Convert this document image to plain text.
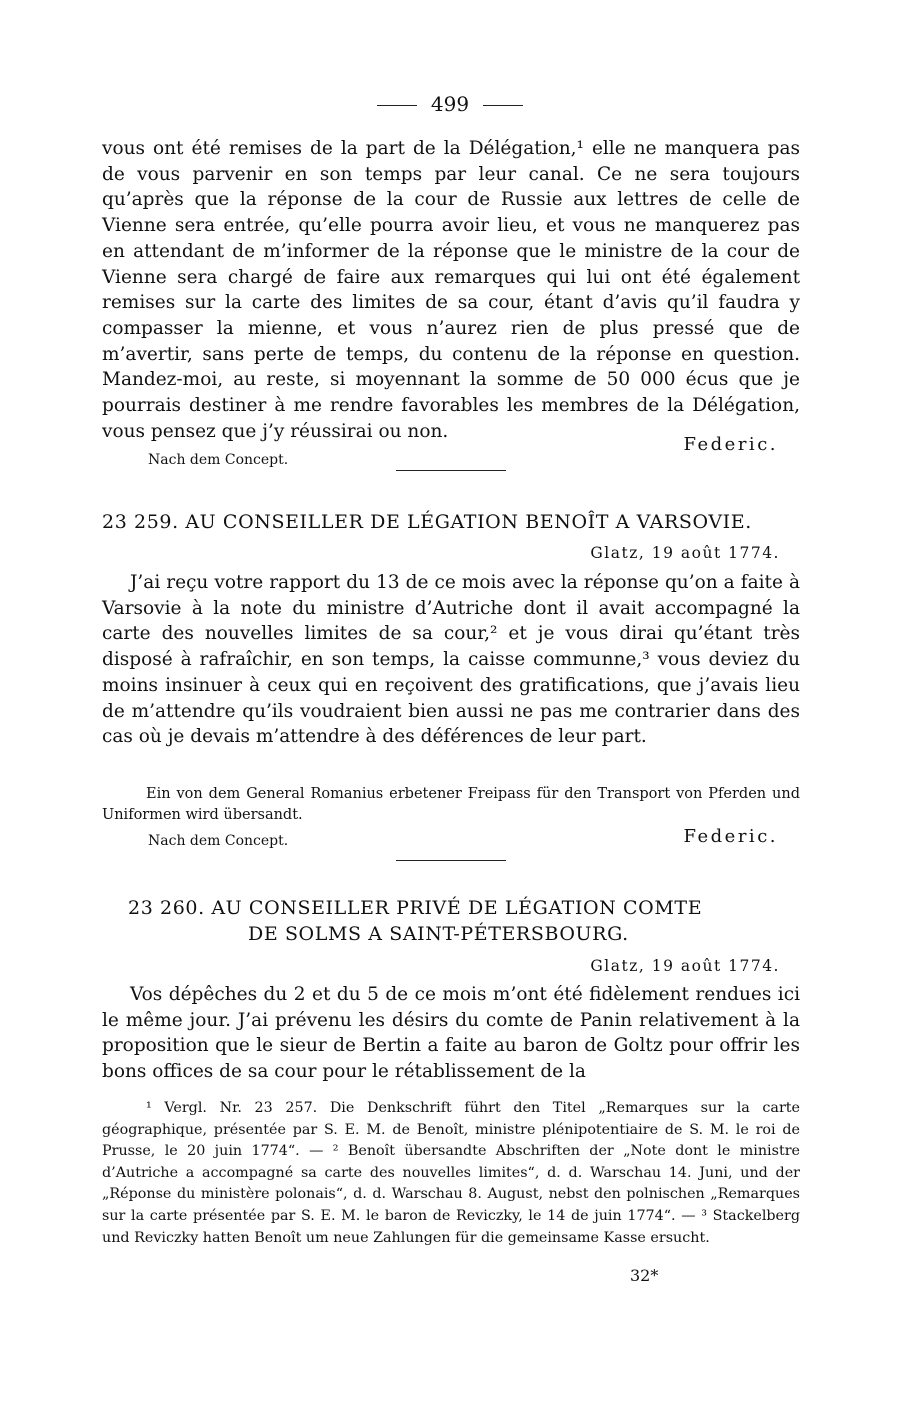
499

vous ont été remises de la part de la Délégation,¹ elle ne manquera pas de vous parvenir en son temps par leur canal. Ce ne sera toujours qu’après que la réponse de la cour de Russie aux lettres de celle de Vienne sera entrée, qu’elle pourra avoir lieu, et vous ne manquerez pas en attendant de m’informer de la réponse que le ministre de la cour de Vienne sera chargé de faire aux remarques qui lui ont été également remises sur la carte des limites de sa cour, étant d’avis qu’il faudra y compasser la mienne, et vous n’aurez rien de plus pressé que de m’avertir, sans perte de temps, du contenu de la réponse en question. Mandez-moi, au reste, si moyennant la somme de 50 000 écus que je pourrais destiner à me rendre favorables les membres de la Délégation, vous pensez que j’y réussirai ou non.

Federic.
Nach dem Concept.
23 259. AU CONSEILLER DE LÉGATION BENOÎT A VARSOVIE.
Glatz, 19 août 1774.

J’ai reçu votre rapport du 13 de ce mois avec la réponse qu’on a faite à Varsovie à la note du ministre d’Autriche dont il avait accompagné la carte des nouvelles limites de sa cour,² et je vous dirai qu’étant très disposé à rafraîchir, en son temps, la caisse communne,³ vous deviez du moins insinuer à ceux qui en reçoivent des gratifications, que j’avais lieu de m’attendre qu’ils voudraient bien aussi ne pas me contrarier dans des cas où je devais m’attendre à des déférences de leur part.

Ein von dem General Romanius erbetener Freipass für den Transport von Pferden und Uniformen wird übersandt.

Nach dem Concept.	Federic.
23 260. AU CONSEILLER PRIVÉ DE LÉGATION COMTE
DE SOLMS A SAINT-PÉTERSBOURG.
Glatz, 19 août 1774.

Vos dépêches du 2 et du 5 de ce mois m’ont été fidèlement rendues ici le même jour. J’ai prévenu les désirs du comte de Panin relativement à la proposition que le sieur de Bertin a faite au baron de Goltz pour offrir les bons offices de sa cour pour le rétablissement de la

¹ Vergl. Nr. 23 257. Die Denkschrift führt den Titel „Remarques sur la carte géographique, présentée par S. E. M. de Benoît, ministre plénipotentiaire de S. M. le roi de Prusse, le 20 juin 1774“. — ² Benoît übersandte Abschriften der „Note dont le ministre d’Autriche a accompagné sa carte des nouvelles limites“, d. d. Warschau 14. Juni, und der „Réponse du ministère polonais“, d. d. Warschau 8. August, nebst den polnischen „Remarques sur la carte présentée par S. E. M. le baron de Reviczky, le 14 de juin 1774“. — ³ Stackelberg und Reviczky hatten Benoît um neue Zahlungen für die gemeinsame Kasse ersucht.

32*
